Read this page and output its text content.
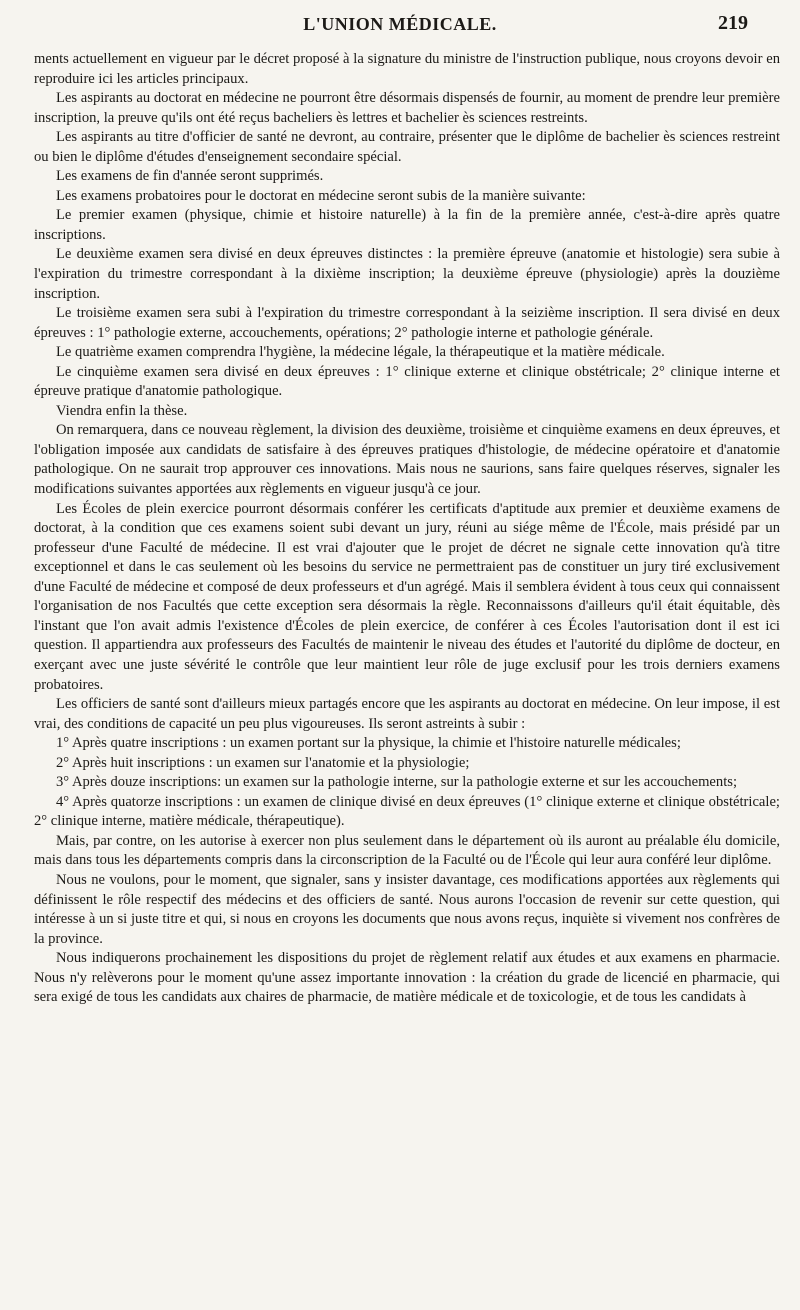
L'UNION MÉDICALE.	219

ments actuellement en vigueur par le décret proposé à la signature du ministre de l'instruction publique, nous croyons devoir en reproduire ici les articles principaux.

Les aspirants au doctorat en médecine ne pourront être désormais dispensés de fournir, au moment de prendre leur première inscription, la preuve qu'ils ont été reçus bacheliers ès lettres et bachelier ès sciences restreints.

Les aspirants au titre d'officier de santé ne devront, au contraire, présenter que le diplôme de bachelier ès sciences restreint ou bien le diplôme d'études d'enseignement secondaire spécial.

Les examens de fin d'année seront supprimés.

Les examens probatoires pour le doctorat en médecine seront subis de la manière suivante:

Le premier examen (physique, chimie et histoire naturelle) à la fin de la première année, c'est-à-dire après quatre inscriptions.

Le deuxième examen sera divisé en deux épreuves distinctes : la première épreuve (anatomie et histologie) sera subie à l'expiration du trimestre correspondant à la dixième inscription; la deuxième épreuve (physiologie) après la douzième inscription.

Le troisième examen sera subi à l'expiration du trimestre correspondant à la seizième inscription. Il sera divisé en deux épreuves : 1° pathologie externe, accouchements, opérations; 2° pathologie interne et pathologie générale.

Le quatrième examen comprendra l'hygiène, la médecine légale, la thérapeutique et la matière médicale.

Le cinquième examen sera divisé en deux épreuves : 1° clinique externe et clinique obstétricale; 2° clinique interne et épreuve pratique d'anatomie pathologique.

Viendra enfin la thèse.

On remarquera, dans ce nouveau règlement, la division des deuxième, troisième et cinquième examens en deux épreuves, et l'obligation imposée aux candidats de satisfaire à des épreuves pratiques d'histologie, de médecine opératoire et d'anatomie pathologique. On ne saurait trop approuver ces innovations. Mais nous ne saurions, sans faire quelques réserves, signaler les modifications suivantes apportées aux règlements en vigueur jusqu'à ce jour.

Les Écoles de plein exercice pourront désormais conférer les certificats d'aptitude aux premier et deuxième examens de doctorat, à la condition que ces examens soient subi devant un jury, réuni au siége même de l'École, mais présidé par un professeur d'une Faculté de médecine. Il est vrai d'ajouter que le projet de décret ne signale cette innovation qu'à titre exceptionnel et dans le cas seulement où les besoins du service ne permettraient pas de constituer un jury tiré exclusivement d'une Faculté de médecine et composé de deux professeurs et d'un agrégé. Mais il semblera évident à tous ceux qui connaissent l'organisation de nos Facultés que cette exception sera désormais la règle. Reconnaissons d'ailleurs qu'il était équitable, dès l'instant que l'on avait admis l'existence d'Écoles de plein exercice, de conférer à ces Écoles l'autorisation dont il est ici question. Il appartiendra aux professeurs des Facultés de maintenir le niveau des études et l'autorité du diplôme de docteur, en exerçant avec une juste sévérité le contrôle que leur maintient leur rôle de juge exclusif pour les trois derniers examens probatoires.

Les officiers de santé sont d'ailleurs mieux partagés encore que les aspirants au doctorat en médecine. On leur impose, il est vrai, des conditions de capacité un peu plus vigoureuses. Ils seront astreints à subir :

1° Après quatre inscriptions : un examen portant sur la physique, la chimie et l'histoire naturelle médicales;

2° Après huit inscriptions : un examen sur l'anatomie et la physiologie;

3° Après douze inscriptions: un examen sur la pathologie interne, sur la pathologie externe et sur les accouchements;

4° Après quatorze inscriptions : un examen de clinique divisé en deux épreuves (1° clinique externe et clinique obstétricale; 2° clinique interne, matière médicale, thérapeutique).

Mais, par contre, on les autorise à exercer non plus seulement dans le département où ils auront au préalable élu domicile, mais dans tous les départements compris dans la circonscription de la Faculté ou de l'École qui leur aura conféré leur diplôme.

Nous ne voulons, pour le moment, que signaler, sans y insister davantage, ces modifications apportées aux règlements qui définissent le rôle respectif des médecins et des officiers de santé. Nous aurons l'occasion de revenir sur cette question, qui intéresse à un si juste titre et qui, si nous en croyons les documents que nous avons reçus, inquiète si vivement nos confrères de la province.

Nous indiquerons prochainement les dispositions du projet de règlement relatif aux études et aux examens en pharmacie. Nous n'y relèverons pour le moment qu'une assez importante innovation : la création du grade de licencié en pharmacie, qui sera exigé de tous les candidats aux chaires de pharmacie, de matière médicale et de toxicologie, et de tous les candidats à
